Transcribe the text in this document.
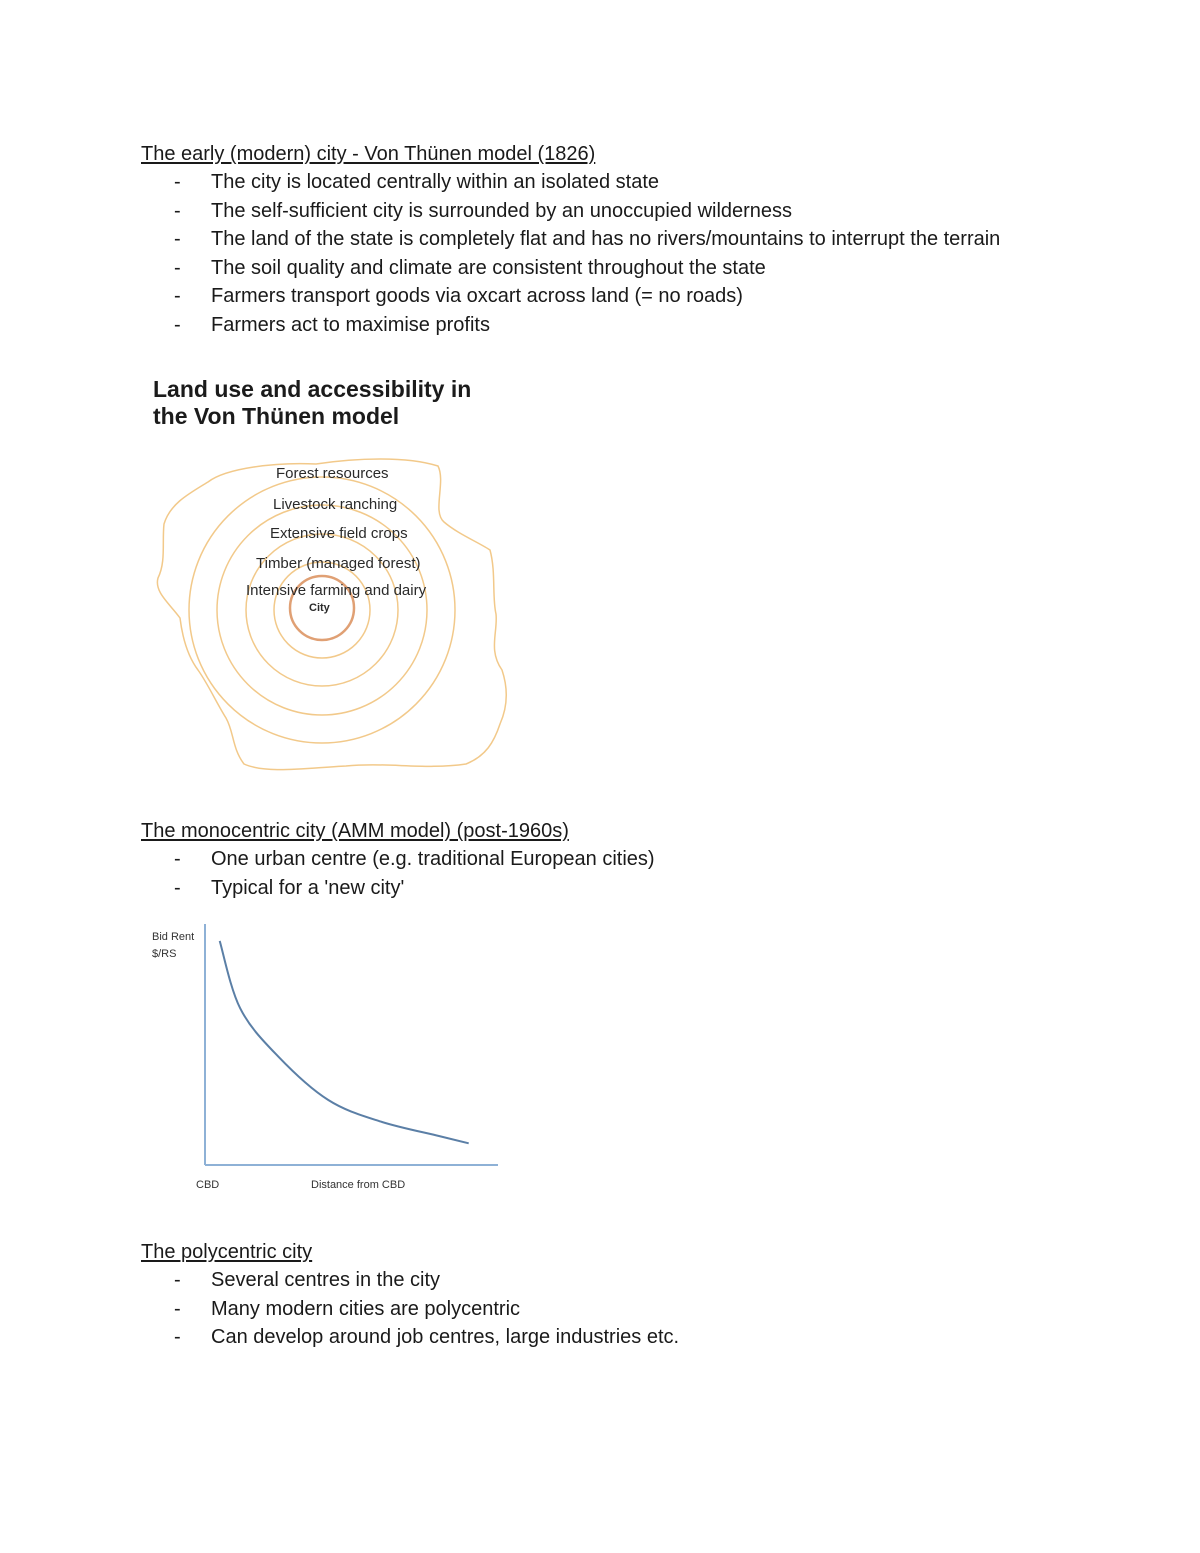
The early (modern) city - Von Thünen model (1826)
- The city is located centrally within an isolated state
- The self-sufficient city is surrounded by an unoccupied wilderness
- The land of the state is completely flat and has no rivers/mountains to interrupt the terrain
- The soil quality and climate are consistent throughout the state
- Farmers transport goods via oxcart across land (= no roads)
- Farmers act to maximise profits
Forest resources
Livestock ranching
Extensive field crops
Timber (managed forest)
Intensive farming and dairy
City
Land use and accessibility in
the Von Thünen model
The monocentric city (AMM model) (post-1960s)
- One urban centre (e.g. traditional European cities)
- Typical for a 'new city'
Bid Rent
$/RS
CBD	Distance from CBD
The polycentric city
- Several centres in the city
- Many modern cities are polycentric
- Can develop around job centres, large industries etc.
